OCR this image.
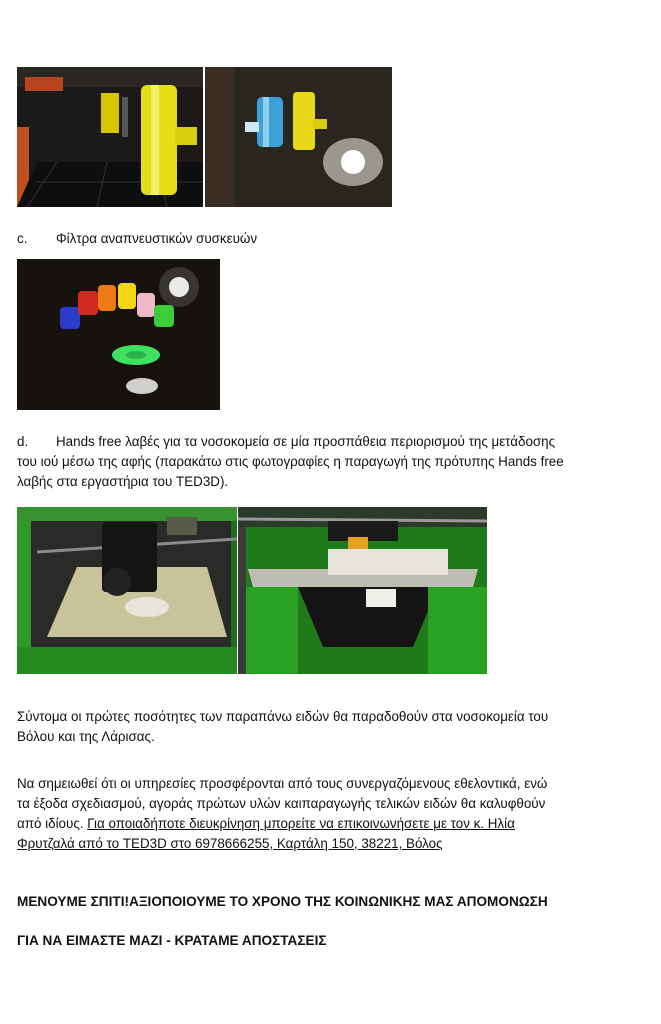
c. Φίλτρα αναπνευστικών συσκευών
d. Hands free λαβές για τα νοσοκομεία σε μία προσπάθεια περιορισμού της μετάδοσης
του ιού μέσω της αφής (παρακάτω στις φωτογραφίες η παραγωγή της πρότυπης Hands free
λαβής στα εργαστήρια του TED3D).
Σύντομα οι πρώτες ποσότητες των παραπάνω ειδών θα παραδοθούν στα νοσοκομεία του
Βόλου και της Λάρισας.
Να σημειωθεί ότι οι υπηρεσίες προσφέρονται από τους συνεργαζόμενους εθελοντικά, ενώ
τα έξοδα σχεδιασμού, αγοράς πρώτων υλών καιπαραγωγής τελικών ειδών θα καλυφθούν
από ιδίους. Για οποιαδήποτε διευκρίνηση μπορείτε να επικοινωνήσετε με τον κ. Ηλία
Φρυτζαλά από το TED3D στο 6978666255, Καρτάλη 150, 38221, Βόλος
ΜΕΝΟΥΜΕ ΣΠΙΤΙ!ΑΞΙΟΠΟΙΟΥΜΕ ΤΟ ΧΡΟΝΟ ΤΗΣ ΚΟΙΝΩΝΙΚΗΣ ΜΑΣ ΑΠΟΜΟΝΩΣΗ
ΓΙΑ ΝΑ ΕΙΜΑΣΤΕ ΜΑΖΙ - ΚΡΑΤΑΜΕ ΑΠΟΣΤΑΣΕΙΣ
